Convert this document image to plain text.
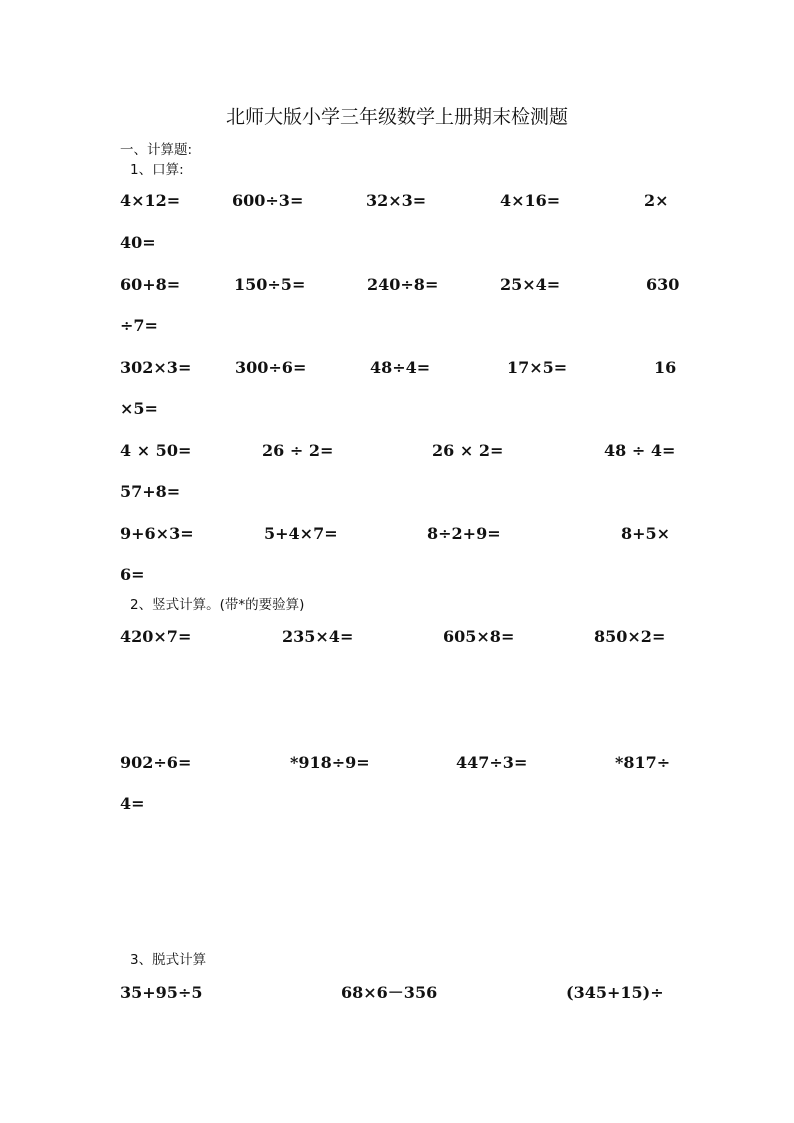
北师大版小学三年级数学上册期末检测题
一、计算题:
1、口算:
4×12=	600÷3=	32×3=	4×16=	2×
40=
60+8=	150÷5=	240÷8=	25×4=	630
÷7=
302×3=	300÷6=	48÷4=	17×5=	16
×5=
4 × 50=	26 ÷ 2=	26 × 2=	48 ÷ 4=
57+8=
9+6×3=	5+4×7=	8÷2+9=	8+5×
6=
2、竖式计算。(带*的要验算)
420×7=	235×4=	605×8=	850×2=
902÷6=	*918÷9=	447÷3=	*817÷
4=
3、脱式计算
35+95÷5	68×6－356	(345+15)÷
